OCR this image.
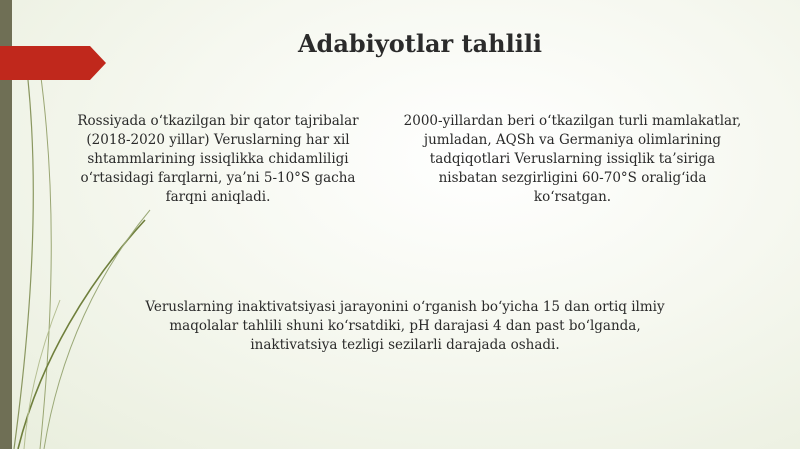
Adabiyotlar tahlili
Rossiyada o‘tkazilgan bir qator tajribalar (2018-2020 yillar) Veruslarning har xil shtammlarining issiqlikka chidamliligi o‘rtasidagi farqlarni, ya’ni 5-10°S gacha farqni aniqladi.
2000-yillardan beri o‘tkazilgan turli mamlakatlar, jumladan, AQSh va Germaniya olimlarining tadqiqotlari Veruslarning issiqlik ta’siriga nisbatan sezgirligini 60-70°S oralig‘ida ko‘rsatgan.
Veruslarning inaktivatsiyasi jarayonini o‘rganish bo‘yicha 15 dan ortiq ilmiy maqolalar tahlili shuni ko‘rsatdiki, pH darajasi 4 dan past bo‘lganda, inaktivatsiya tezligi sezilarli darajada oshadi.
